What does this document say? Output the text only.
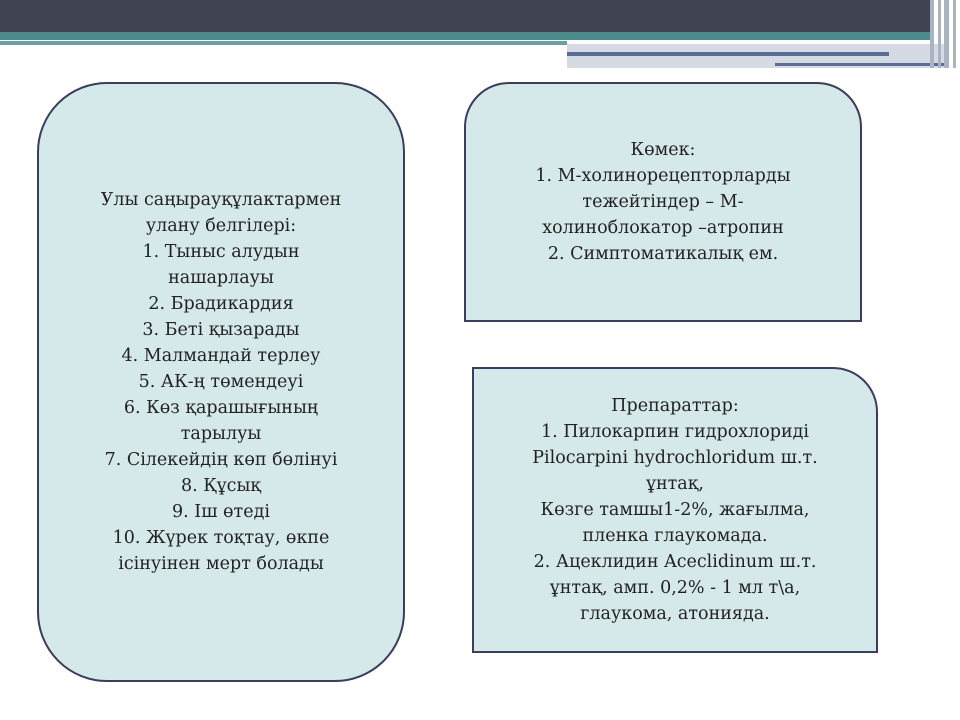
Улы саңырауқұлактармен
улану белгілері:
1. Тыныс алудын
нашарлауы
2. Брадикардия
3. Беті қызарады
4. Малмандай терлеу
5. АК-ң төмендеуі
6. Көз қарашығының
тарылуы
7. Сілекейдің көп бөлінуі
8. Құсық
9. Іш өтеді
10. Жүрек тоқтау, өкпе
ісінуінен мерт болады
Көмек:
1. М-холинорецепторларды
тежейтіндер – М-
холиноблокатор –атропин
2. Симптоматикалық ем.
Препараттар:
1. Пилокарпин гидрохлориді
Pilocarpini hydrochloridum ш.т.
ұнтақ,
Көзге тамшы1-2%, жағылма,
пленка глаукомада.
2. Ацеклидин Aceclidinum ш.т.
ұнтақ, амп. 0,2% - 1 мл т\а,
глаукома, атонияда.
